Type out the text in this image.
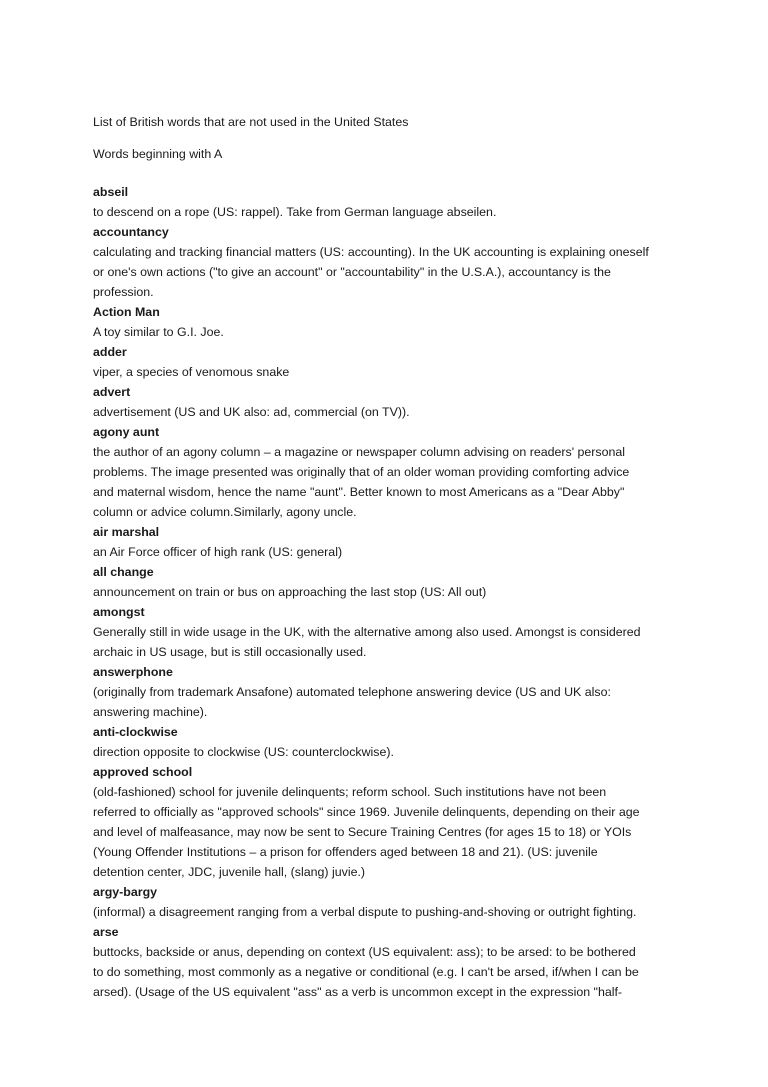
List of British words that are not used in the United States

Words beginning with A

abseil

to descend on a rope (US: rappel). Take from German language abseilen.

accountancy

calculating and tracking financial matters (US: accounting). In the UK accounting is explaining oneself
or one's own actions ("to give an account" or "accountability" in the U.S.A.), accountancy is the
profession.

Action Man

A toy similar to G.I. Joe.

adder

viper, a species of venomous snake

advert

advertisement (US and UK also: ad, commercial (on TV)).

agony aunt

the author of an agony column – a magazine or newspaper column advising on readers' personal
problems. The image presented was originally that of an older woman providing comforting advice
and maternal wisdom, hence the name "aunt". Better known to most Americans as a "Dear Abby"
column or advice column.Similarly, agony uncle.

air marshal

an Air Force officer of high rank (US: general)

all change

announcement on train or bus on approaching the last stop (US: All out)

amongst

Generally still in wide usage in the UK, with the alternative among also used. Amongst is considered
archaic in US usage, but is still occasionally used.

answerphone

(originally from trademark Ansafone) automated telephone answering device (US and UK also:
answering machine).

anti-clockwise

direction opposite to clockwise (US: counterclockwise).

approved school

(old-fashioned) school for juvenile delinquents; reform school. Such institutions have not been
referred to officially as "approved schools" since 1969. Juvenile delinquents, depending on their age
and level of malfeasance, may now be sent to Secure Training Centres (for ages 15 to 18) or YOIs
(Young Offender Institutions – a prison for offenders aged between 18 and 21). (US: juvenile
detention center, JDC, juvenile hall, (slang) juvie.)

argy-bargy

(informal) a disagreement ranging from a verbal dispute to pushing-and-shoving or outright fighting.

arse

buttocks, backside or anus, depending on context (US equivalent: ass); to be arsed: to be bothered
to do something, most commonly as a negative or conditional (e.g. I can't be arsed, if/when I can be
arsed). (Usage of the US equivalent "ass" as a verb is uncommon except in the expression "half-
